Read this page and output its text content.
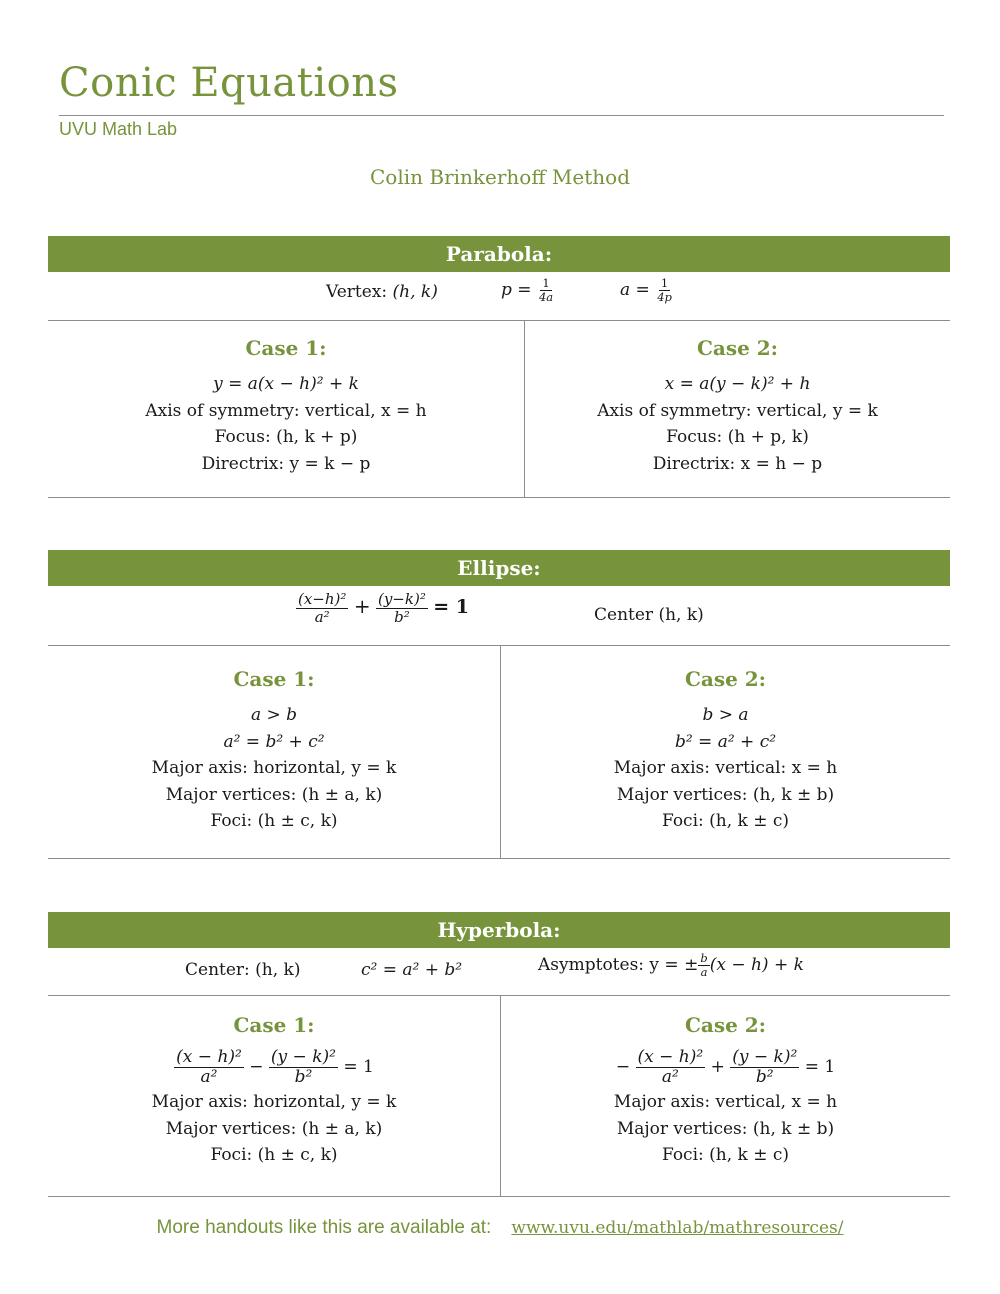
Conic Equations
UVU Math Lab
Colin Brinkerhoff Method
Parabola:
Vertex: (h, k)	$p = \frac{1}{4a}$	$a = \frac{1}{4p}$
Case 1:
y = a(x − h)² + k
Axis of symmetry: vertical, x = h
Focus: (h, k + p)
Directrix: y = k − p
Case 2:
x = a(y − k)² + h
Axis of symmetry: vertical, y = k
Focus: (h + p, k)
Directrix: x = h − p
Ellipse:
$\frac{\text{(x−h)²}}{\text{a²}} + \frac{\text{(y−k)²}}{\text{b²}} = 1$	Center (h, k)
Case 1:
a > b
a² = b² + c²
Major axis: horizontal, y = k
Major vertices: (h ± a, k)
Foci: (h ± c, k)
Case 2:
b > a
b² = a² + c²
Major axis: vertical: x = h
Major vertices: (h, k ± b)
Foci: (h, k ± c)
Hyperbola:
Center: (h, k)	c² = a² + b²	Asymptotes: y = ± $\frac{b}{a} (x - h) + k$
Case 1:
$\frac{\text{(x − h)²}}{\text{a²}} - \frac{\text{(y − k)²}}{\text{b²}} = 1$
Major axis: horizontal, y = k
Major vertices: (h ± a, k)
Foci: (h ± c, k)
Case 2:
− $\frac{\text{(x − h)²}}{\text{a²}} + \frac{\text{(y − k)²}}{\text{b²}} = 1$
Major axis: vertical, x = h
Major vertices: (h, k ± b)
Foci: (h, k ± c)
More handouts like this are available at: www.uvu.edu/mathlab/mathresources/
